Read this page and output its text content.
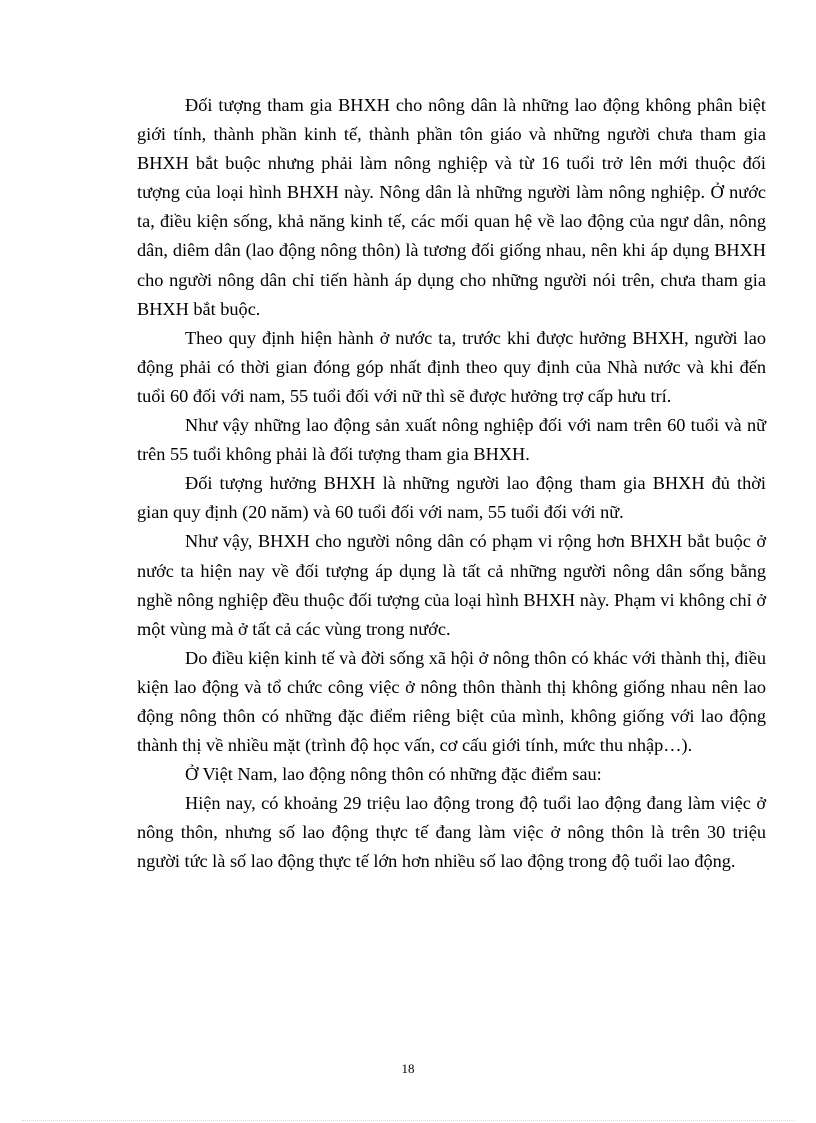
Đối tượng tham gia BHXH cho nông dân là những lao động không phân biệt giới tính, thành phần kinh tế, thành phần tôn giáo và những người chưa tham gia BHXH bắt buộc nhưng phải làm nông nghiệp và từ 16 tuổi trở lên mới thuộc đối tượng của loại hình BHXH này. Nông dân là những người làm nông nghiệp. Ở nước ta, điều kiện sống, khả năng kinh tế, các mối quan hệ về lao động của ngư dân, nông dân, diêm dân (lao động nông thôn) là tương đối giống nhau, nên khi áp dụng BHXH cho người nông dân chỉ tiến hành áp dụng cho những người nói trên, chưa tham gia BHXH bắt buộc.

Theo quy định hiện hành ở nước ta, trước khi được hưởng BHXH, người lao động phải có thời gian đóng góp nhất định theo quy định của Nhà nước và khi đến tuổi 60 đối với nam, 55 tuổi đối với nữ thì sẽ được hưởng trợ cấp hưu trí.

Như vậy những lao động sản xuất nông nghiệp đối với nam trên 60 tuổi và nữ trên 55 tuổi không phải là đối tượng tham gia BHXH.

Đối tượng hưởng BHXH là những người lao động tham gia BHXH đủ thời gian quy định (20 năm) và 60 tuổi đối với nam, 55 tuổi đối với nữ.

Như vậy, BHXH cho người nông dân có phạm vi rộng hơn BHXH bắt buộc ở nước ta hiện nay về đối tượng áp dụng là tất cả những người nông dân sống bằng nghề nông nghiệp đều thuộc đối tượng của loại hình BHXH này. Phạm vi không chỉ ở một vùng mà ở tất cả các vùng trong nước.

Do điều kiện kinh tế và đời sống xã hội ở nông thôn có khác với thành thị, điều kiện lao động và tổ chức công việc ở nông thôn thành thị không giống nhau nên lao động nông thôn có những đặc điểm riêng biệt của mình, không giống với lao động thành thị về nhiều mặt (trình độ học vấn, cơ cấu giới tính, mức thu nhập…).

Ở Việt Nam, lao động nông thôn có những đặc điểm sau:

Hiện nay, có khoảng 29 triệu lao động trong độ tuổi lao động đang làm việc ở nông thôn, nhưng số lao động thực tế đang làm việc ở nông thôn là trên 30 triệu người tức là số lao động thực tế lớn hơn nhiều số lao động trong độ tuổi lao động.

18
